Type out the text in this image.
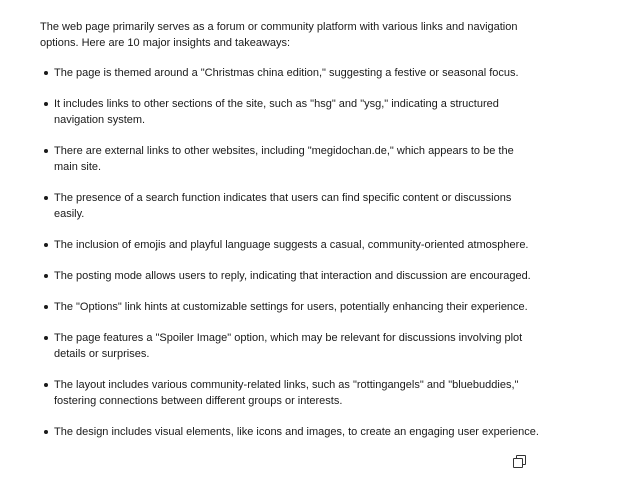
The web page primarily serves as a forum or community platform with various links and navigation options. Here are 10 major insights and takeaways:

The page is themed around a "Christmas china edition," suggesting a festive or seasonal focus.
It includes links to other sections of the site, such as "hsg" and "ysg," indicating a structured navigation system.
There are external links to other websites, including "megidochan.de," which appears to be the main site.
The presence of a search function indicates that users can find specific content or discussions easily.
The inclusion of emojis and playful language suggests a casual, community-oriented atmosphere.
The posting mode allows users to reply, indicating that interaction and discussion are encouraged.
The "Options" link hints at customizable settings for users, potentially enhancing their experience.
The page features a "Spoiler Image" option, which may be relevant for discussions involving plot details or surprises.
The layout includes various community-related links, such as "rottingangels" and "bluebuddies," fostering connections between different groups or interests.
The design includes visual elements, like icons and images, to create an engaging user experience.
